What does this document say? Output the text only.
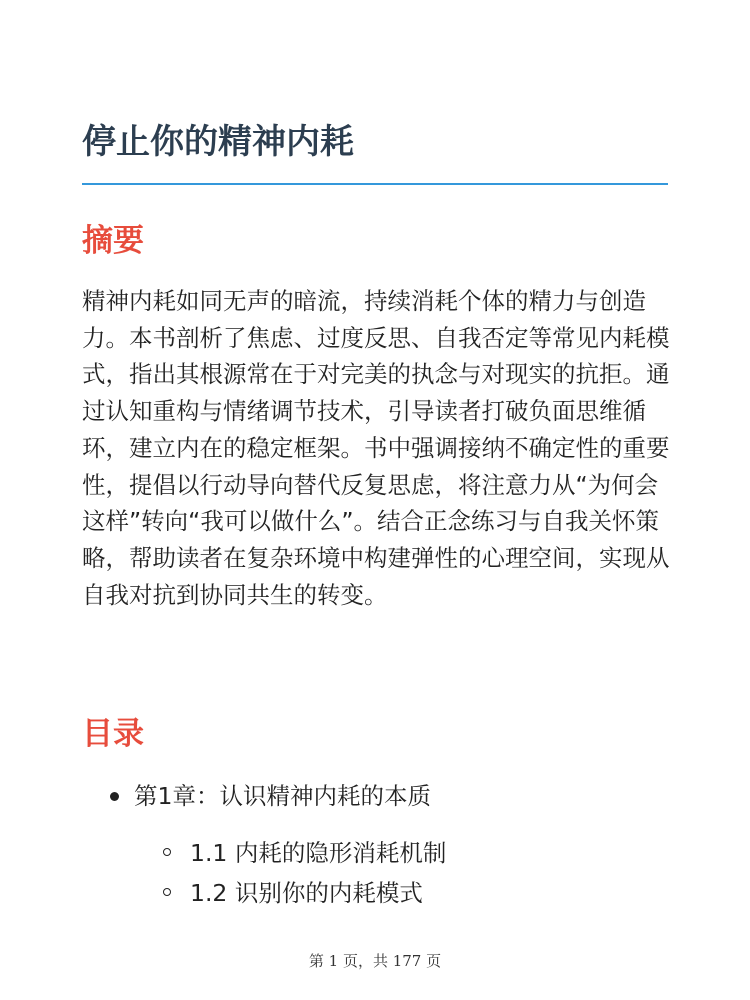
停止你的精神内耗
摘要

精神内耗如同无声的暗流，持续消耗个体的精力与创造力。本书剖析了焦虑、过度反思、自我否定等常见内耗模式，指出其根源常在于对完美的执念与对现实的抗拒。通过认知重构与情绪调节技术，引导读者打破负面思维循环，建立内在的稳定框架。书中强调接纳不确定性的重要性，提倡以行动导向替代反复思虑，将注意力从“为何会这样”转向“我可以做什么”。结合正念练习与自我关怀策略，帮助读者在复杂环境中构建弹性的心理空间，实现从自我对抗到协同共生的转变。

目录
第1章：认识精神内耗的本质
1.1 内耗的隐形消耗机制
1.2 识别你的内耗模式
第 1 页，共 177 页
